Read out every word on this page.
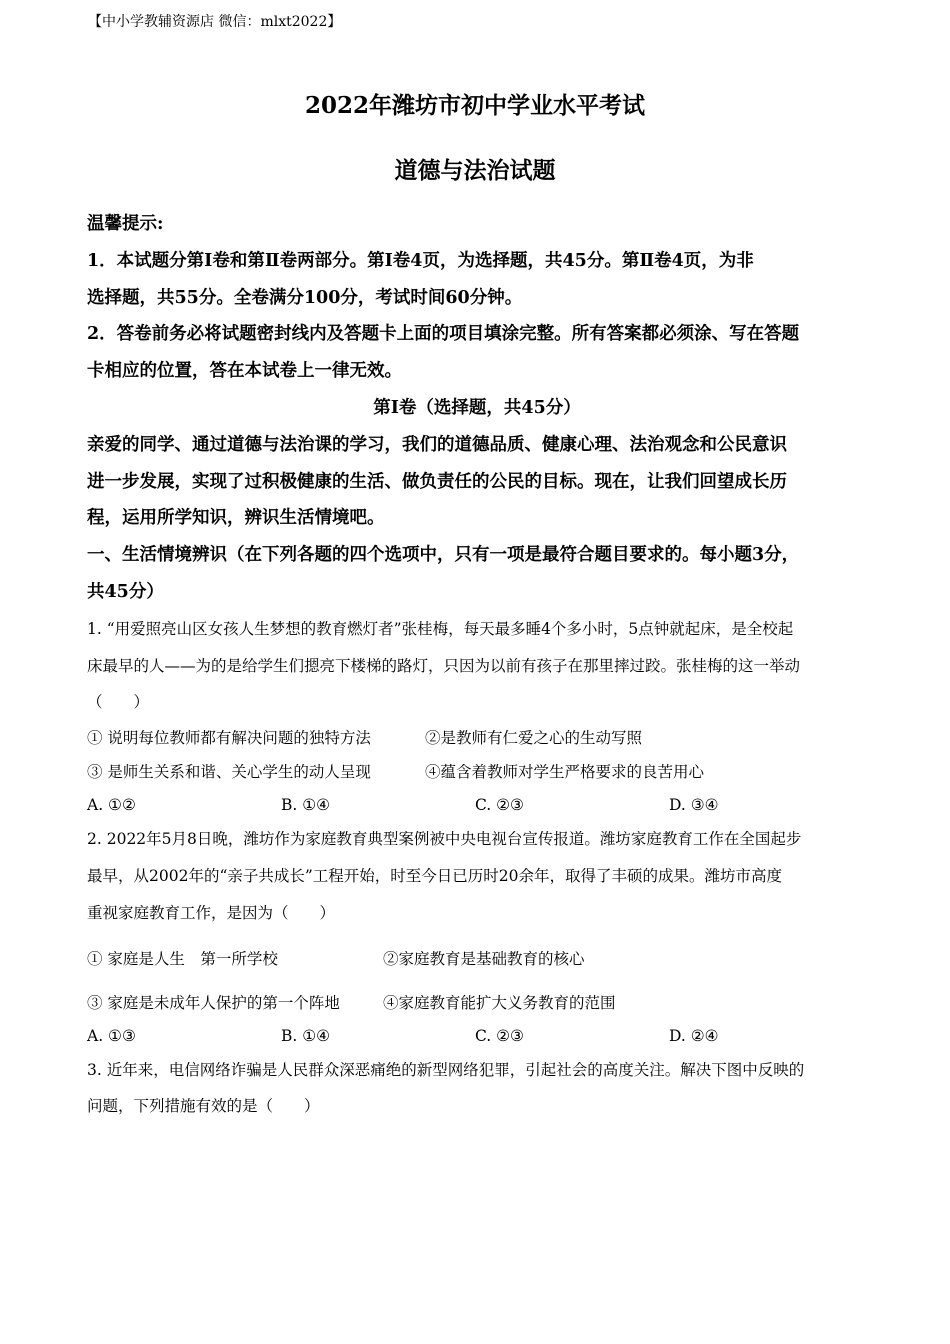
【中小学教辅资源店 微信：mlxt2022】
2022年潍坊市初中学业水平考试
道德与法治试题
温馨提示:
1．本试题分第Ⅰ卷和第Ⅱ卷两部分。第Ⅰ卷4页，为选择题，共45分。第Ⅱ卷4页，为非
选择题，共55分。全卷满分100分，考试时间60分钟。
2．答卷前务必将试题密封线内及答题卡上面的项目填涂完整。所有答案都必须涂、写在答题
卡相应的位置，答在本试卷上一律无效。
第Ⅰ卷（选择题，共45分）
亲爱的同学、通过道德与法治课的学习，我们的道德品质、健康心理、法治观念和公民意识
进一步发展，实现了过积极健康的生活、做负责任的公民的目标。现在，让我们回望成长历
程，运用所学知识，辨识生活情境吧。
一、生活情境辨识（在下列各题的四个选项中，只有一项是最符合题目要求的。每小题3分，
共45分）
1. “用爱照亮山区女孩人生梦想的教育燃灯者”张桂梅，每天最多睡4个多小时，5点钟就起床，是全校起
床最早的人——为的是给学生们摁亮下楼梯的路灯，只因为以前有孩子在那里摔过跤。张桂梅的这一举动
（　　）
① 说明每位教师都有解决问题的独特方法	②是教师有仁爱之心的生动写照
③ 是师生关系和谐、关心学生的动人呈现	④蕴含着教师对学生严格要求的良苦用心
A. ①②	B. ①④	C. ②③	D. ③④
2. 2022年5月8日晚，潍坊作为家庭教育典型案例被中央电视台宣传报道。潍坊家庭教育工作在全国起步
最早，从2002年的“亲子共成长”工程开始，时至今日已历时20余年，取得了丰硕的成果。潍坊市高度
重视家庭教育工作，是因为（　　）
① 家庭是人生　第一所学校	②家庭教育是基础教育的核心
③ 家庭是未成年人保护的第一个阵地	④家庭教育能扩大义务教育的范围
A. ①③	B. ①④	C. ②③	D. ②④
3. 近年来，电信网络诈骗是人民群众深恶痛绝的新型网络犯罪，引起社会的高度关注。解决下图中反映的
问题，下列措施有效的是（　　）
